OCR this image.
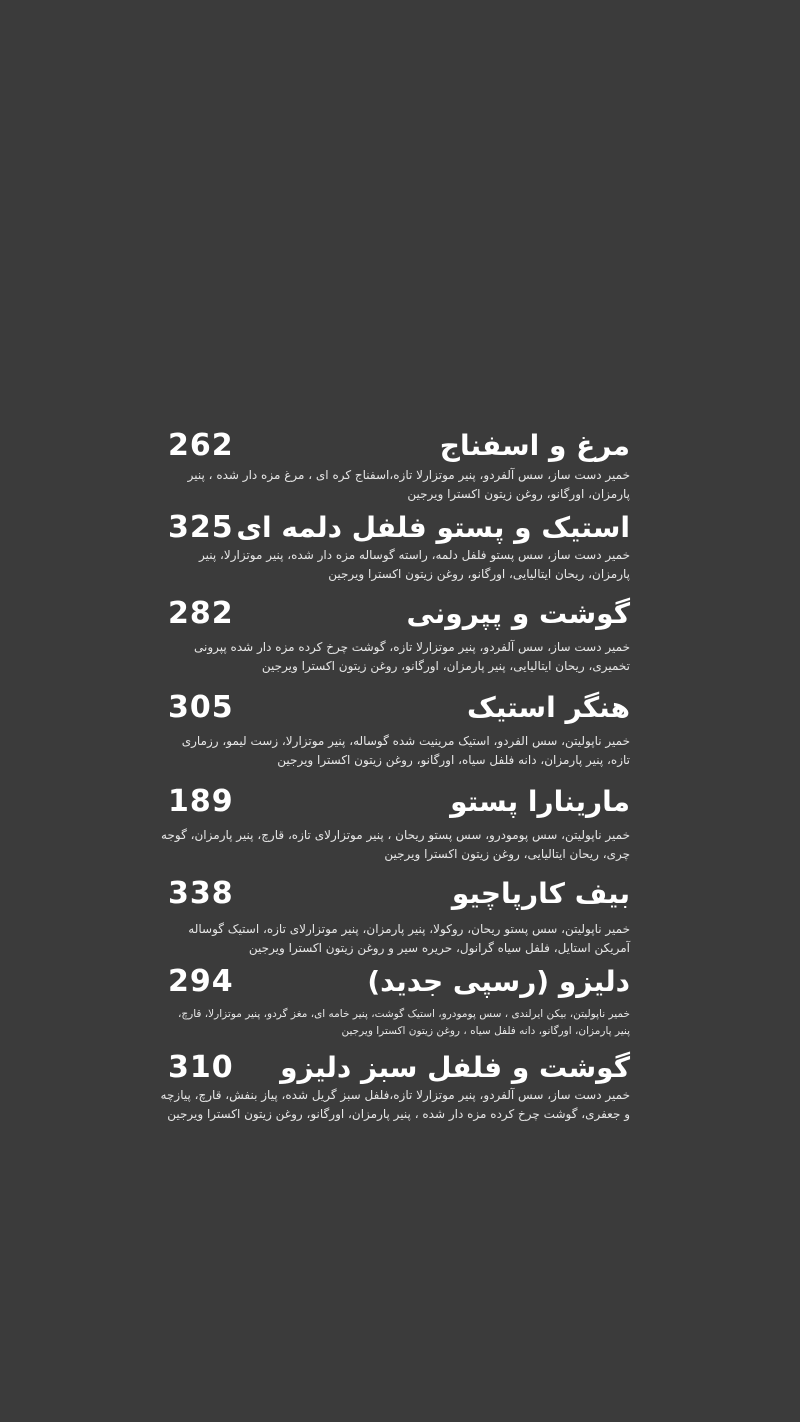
مرغ و اسفناج
262

خمیر دست ساز، سس آلفردو، پنیر موتزارلا تازه،اسفناج کره ای ، مرغ مزه دار شده ، پنیر پارمزان، اورگانو، روغن زیتون اکسترا ویرجین

استیک و پستو فلفل دلمه ای
325

خمیر دست ساز، سس پستو فلفل دلمه، راسته گوساله مزه دار شده، پنیر موتزارلا، پنیر پارمزان، ریحان ایتالیایی، اورگانو، روغن زیتون اکسترا ویرجین

گوشت و پپرونی
282

خمیر دست ساز، سس آلفردو، پنیر موتزارلا تازه، گوشت چرخ کرده مزه دار شده پپرونی تخمیری، ریحان ایتالیایی، پنیر پارمزان، اورگانو، روغن زیتون اکسترا ویرجین

هنگر استیک
305

خمیر ناپولیتن، سس الفردو، استیک مرینیت شده گوساله، پنیر موتزارلا، زست لیمو، رزماری تازه، پنیر پارمزان، دانه فلفل سیاه، اورگانو، روغن زیتون اکسترا ویرجین

مارینارا پستو
189

خمیر ناپولیتن، سس پومودرو، سس پستو ریحان ، پنیر موتزارلای تازه، قارچ، پنیر پارمزان، گوجه چری، ریحان ایتالیایی، روغن زیتون اکسترا ویرجین

بیف کارپاچیو
338

خمیر ناپولیتن، سس پستو ریحان، روکولا، پنیر پارمزان، پنیر موتزارلای تازه، استیک گوساله آمریکن استایل، فلفل سیاه گرانول، حریره سیر و روغن زیتون اکسترا ویرجین

دلیزو (رسپی جدید)
294

خمیر ناپولیتن، بیکن ایرلندی ، سس پومودرو، استیک گوشت، پنیر خامه ای، مغز گردو، پنیر موتزارلا، قارچ، پنیر پارمزان، اورگانو، دانه فلفل سیاه ، روغن زیتون اکسترا ویرجین

گوشت و فلفل سبز دلیزو
310

خمیر دست ساز، سس آلفردو، پنیر موتزارلا تازه،فلفل سبز گریل شده، پیاز بنفش، قارچ، پیازچه و جعفری، گوشت چرخ کرده مزه دار شده ، پنیر پارمزان، اورگانو، روغن زیتون اکسترا ویرجین
